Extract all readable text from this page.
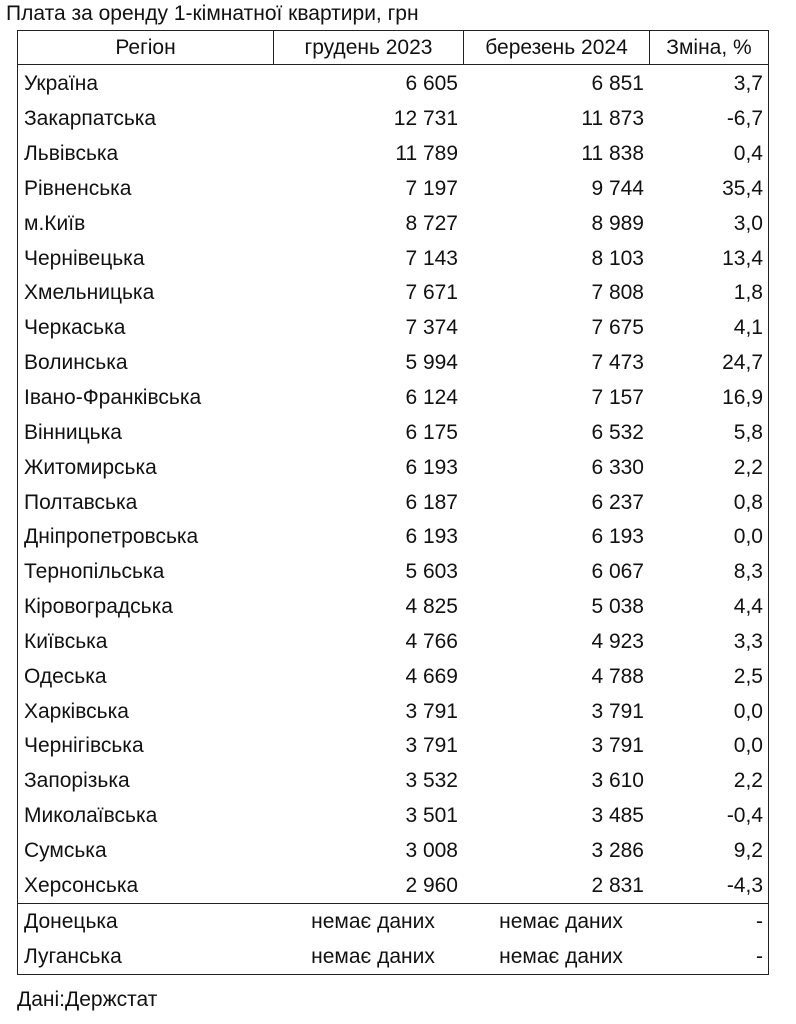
Плата за оренду 1-кімнатної квартири, грн
Регіон	грудень 2023	березень 2024	Зміна, %
Україна	6 605	6 851	3,7
Закарпатська	12 731	11 873	-6,7
Львівська	11 789	11 838	0,4
Рівненська	7 197	9 744	35,4
м.Київ	8 727	8 989	3,0
Чернівецька	7 143	8 103	13,4
Хмельницька	7 671	7 808	1,8
Черкаська	7 374	7 675	4,1
Волинська	5 994	7 473	24,7
Івано-Франківська	6 124	7 157	16,9
Вінницька	6 175	6 532	5,8
Житомирська	6 193	6 330	2,2
Полтавська	6 187	6 237	0,8
Дніпропетровська	6 193	6 193	0,0
Тернопільська	5 603	6 067	8,3
Кіровоградська	4 825	5 038	4,4
Київська	4 766	4 923	3,3
Одеська	4 669	4 788	2,5
Харківська	3 791	3 791	0,0
Чернігівська	3 791	3 791	0,0
Запорізька	3 532	3 610	2,2
Миколаївська	3 501	3 485	-0,4
Сумська	3 008	3 286	9,2
Херсонська	2 960	2 831	-4,3
Донецька	немає даних	немає даних	-
Луганська	немає даних	немає даних	-
Дані:Держстат
